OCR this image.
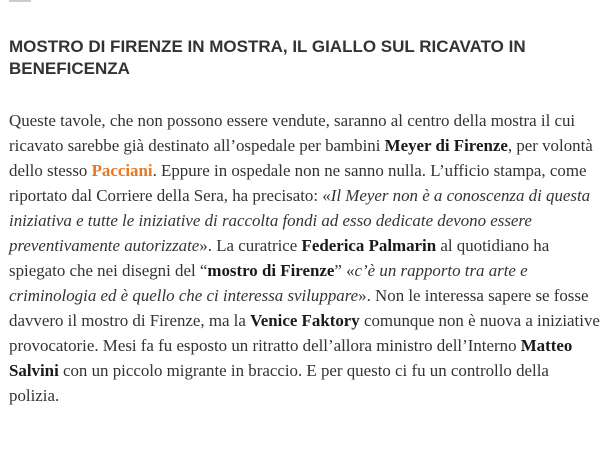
MOSTRO DI FIRENZE IN MOSTRA, IL GIALLO SUL RICAVATO IN BENEFICENZA

Queste tavole, che non possono essere vendute, saranno al centro della mostra il cui ricavato sarebbe già destinato all’ospedale per bambini Meyer di Firenze, per volontà dello stesso Pacciani. Eppure in ospedale non ne sanno nulla. L’ufficio stampa, come riportato dal Corriere della Sera, ha precisato: «Il Meyer non è a conoscenza di questa iniziativa e tutte le iniziative di raccolta fondi ad esso dedicate devono essere preventivamente autorizzate». La curatrice Federica Palmarin al quotidiano ha spiegato che nei disegni del “mostro di Firenze” «c’è un rapporto tra arte e criminologia ed è quello che ci interessa sviluppare». Non le interessa sapere se fosse davvero il mostro di Firenze, ma la Venice Faktory comunque non è nuova a iniziative provocatorie. Mesi fa fu esposto un ritratto dell’allora ministro dell’Interno Matteo Salvini con un piccolo migrante in braccio. E per questo ci fu un controllo della polizia.
